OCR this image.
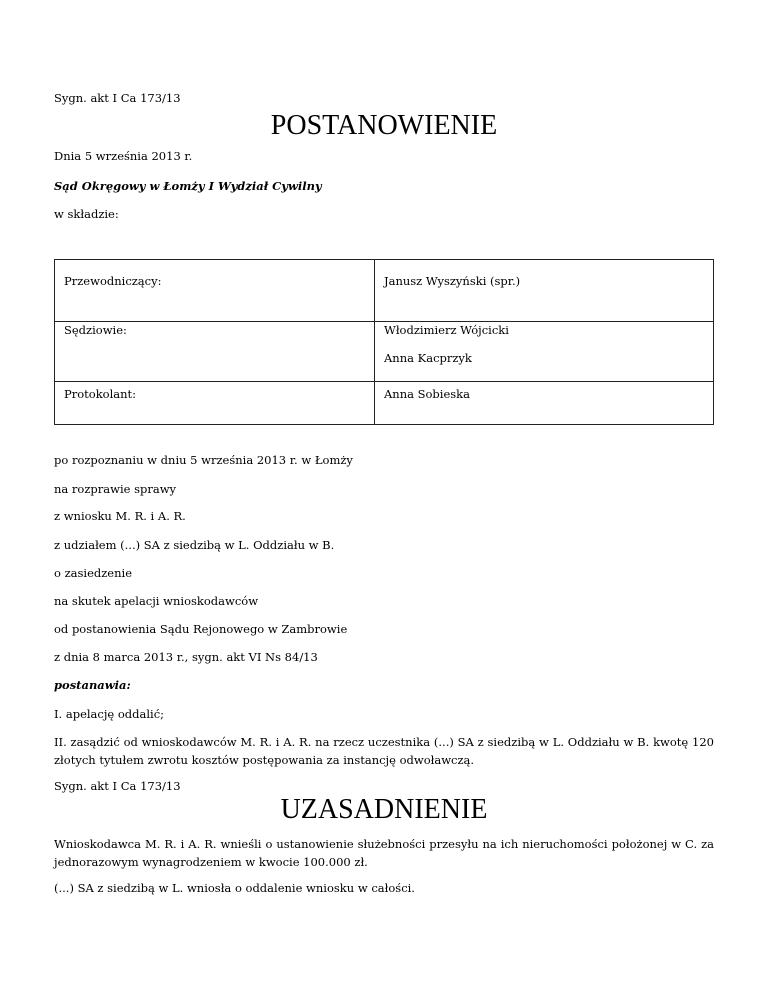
Sygn. akt I Ca 173/13
POSTANOWIENIE
Dnia 5 września 2013 r.
Sąd Okręgowy w Łomży I Wydział Cywilny
w składzie:
Przewodniczący:	Janusz Wyszyński (spr.)

Sędziowie:	Włodzimierz Wójcicki
Anna Kacprzyk

Protokolant:	Anna Sobieska
po rozpoznaniu w dniu 5 września 2013 r. w Łomży
na rozprawie sprawy
z wniosku M. R. i A. R.
z udziałem (...) SA z siedzibą w L. Oddziału w B.
o zasiedzenie
na skutek apelacji wnioskodawców
od postanowienia Sądu Rejonowego w Zambrowie
z dnia 8 marca 2013 r., sygn. akt VI Ns 84/13
postanawia:
I. apelację oddalić;
II. zasądzić od wnioskodawców M. R. i A. R. na rzecz uczestnika (...) SA z siedzibą w L. Oddziału w B. kwotę 120 złotych tytułem zwrotu kosztów postępowania za instancję odwoławczą.
Sygn. akt I Ca 173/13
UZASADNIENIE
Wnioskodawca M. R. i A. R. wnieśli o ustanowienie służebności przesyłu na ich nieruchomości położonej w C. za jednorazowym wynagrodzeniem w kwocie 100.000 zł.
(...) SA z siedzibą w L. wniosła o oddalenie wniosku w całości.
